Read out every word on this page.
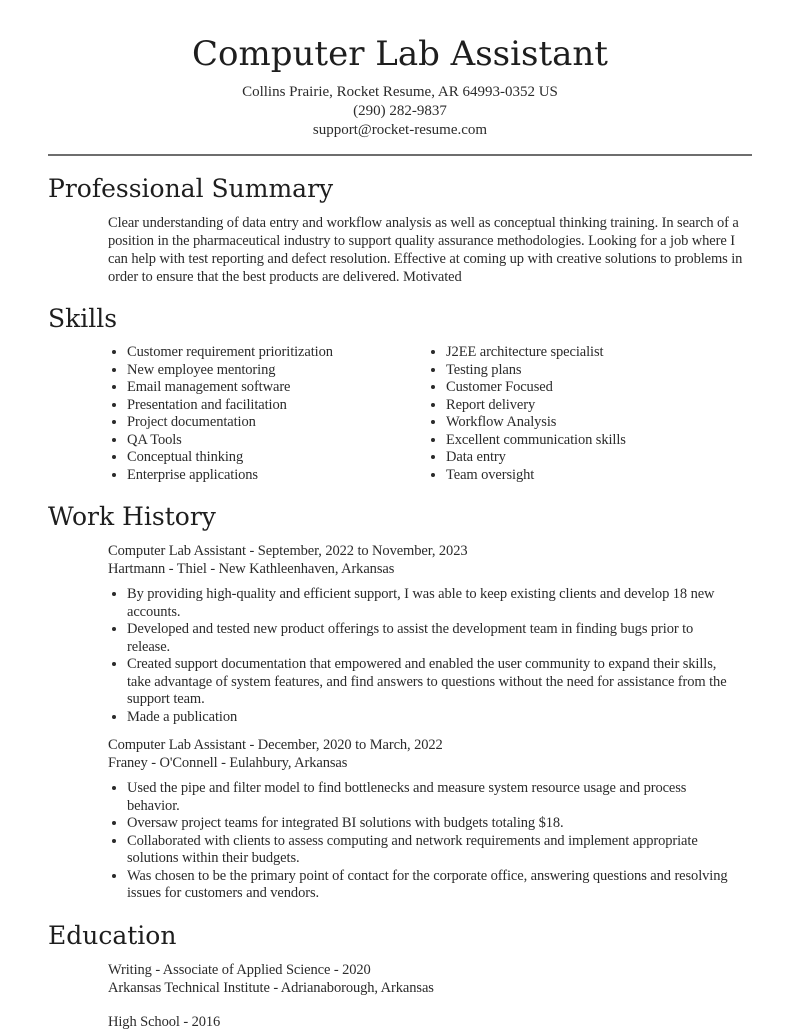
Computer Lab Assistant
Collins Prairie, Rocket Resume, AR 64993-0352 US
(290) 282-9837
support@rocket-resume.com
Professional Summary

Clear understanding of data entry and workflow analysis as well as conceptual thinking training. In search of a position in the pharmaceutical industry to support quality assurance methodologies. Looking for a job where I can help with test reporting and defect resolution. Effective at coming up with creative solutions to problems in order to ensure that the best products are delivered. Motivated

Skills
• Customer requirement prioritization
• New employee mentoring
• Email management software
• Presentation and facilitation
• Project documentation
• QA Tools
• Conceptual thinking
• Enterprise applications
• J2EE architecture specialist
• Testing plans
• Customer Focused
• Report delivery
• Workflow Analysis
• Excellent communication skills
• Data entry
• Team oversight
Work History
Computer Lab Assistant - September, 2022 to November, 2023
Hartmann - Thiel - New Kathleenhaven, Arkansas
• By providing high-quality and efficient support, I was able to keep existing clients and develop 18 new accounts.
• Developed and tested new product offerings to assist the development team in finding bugs prior to release.
• Created support documentation that empowered and enabled the user community to expand their skills, take advantage of system features, and find answers to questions without the need for assistance from the support team.
• Made a publication
Computer Lab Assistant - December, 2020 to March, 2022
Franey - O'Connell - Eulahbury, Arkansas
• Used the pipe and filter model to find bottlenecks and measure system resource usage and process behavior.
• Oversaw project teams for integrated BI solutions with budgets totaling $18.
• Collaborated with clients to assess computing and network requirements and implement appropriate solutions within their budgets.
• Was chosen to be the primary point of contact for the corporate office, answering questions and resolving issues for customers and vendors.
Education
Writing - Associate of Applied Science - 2020
Arkansas Technical Institute - Adrianaborough, Arkansas
High School - 2016
